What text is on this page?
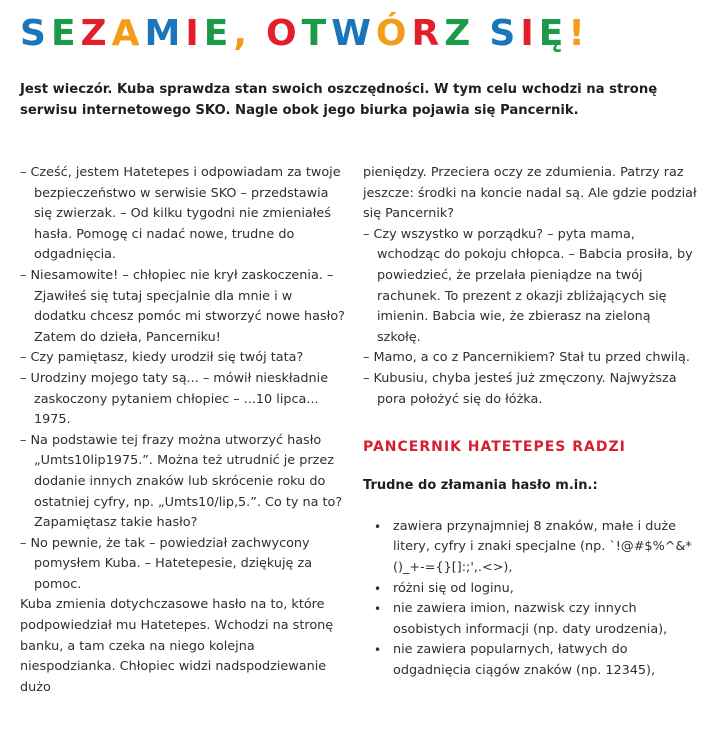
SEZAMIE, OTWÓRZ SIĘ!

Jest wieczór. Kuba sprawdza stan swoich oszczędności. W tym celu wchodzi na stronę serwisu internetowego SKO. Nagle obok jego biurka pojawia się Pancernik.

– Cześć, jestem Hatetepes i odpowiadam za twoje bezpieczeństwo w serwisie SKO – przedstawia się zwierzak. – Od kilku tygodni nie zmieniałeś hasła. Pomogę ci nadać nowe, trudne do odgadnięcia.

– Niesamowite! – chłopiec nie krył zaskoczenia. – Zjawiłeś się tutaj specjalnie dla mnie i w dodatku chcesz pomóc mi stworzyć nowe hasło? Zatem do dzieła, Pancerniku!

– Czy pamiętasz, kiedy urodził się twój tata?

– Urodziny mojego taty są... – mówił nieskładnie zaskoczony pytaniem chłopiec – ...10 lipca... 1975.

– Na podstawie tej frazy można utworzyć hasło „Umts10lip1975.”. Można też utrudnić je przez dodanie innych znaków lub skrócenie roku do ostatniej cyfry, np. „Umts10/lip,5.”. Co ty na to? Zapamiętasz takie hasło?

– No pewnie, że tak – powiedział zachwycony pomysłem Kuba. – Hatetepesie, dziękuję za pomoc.

Kuba zmienia dotychczasowe hasło na to, które podpowiedział mu Hatetepes. Wchodzi na stronę banku, a tam czeka na niego kolejna niespodzianka. Chłopiec widzi nadspodziewanie dużo

pieniędzy. Przeciera oczy ze zdumienia. Patrzy raz jeszcze: środki na koncie nadal są. Ale gdzie podział się Pancernik?

– Czy wszystko w porządku? – pyta mama, wchodząc do pokoju chłopca. – Babcia prosiła, by powiedzieć, że przelała pieniądze na twój rachunek. To prezent z okazji zbliżających się imienin. Babcia wie, że zbierasz na zieloną szkołę.

– Mamo, a co z Pancernikiem? Stał tu przed chwilą.

– Kubusiu, chyba jesteś już zmęczony. Najwyższa pora położyć się do łóżka.

PANCERNIK HATETEPES RADZI

Trudne do złamania hasło m.in.:

• zawiera przynajmniej 8 znaków, małe i duże litery, cyfry i znaki specjalne (np. `!@#$%^&*()_+-={}[]:;',.<>),
• różni się od loginu,
• nie zawiera imion, nazwisk czy innych osobistych informacji (np. daty urodzenia),
• nie zawiera popularnych, łatwych do odgadnięcia ciągów znaków (np. 12345),
